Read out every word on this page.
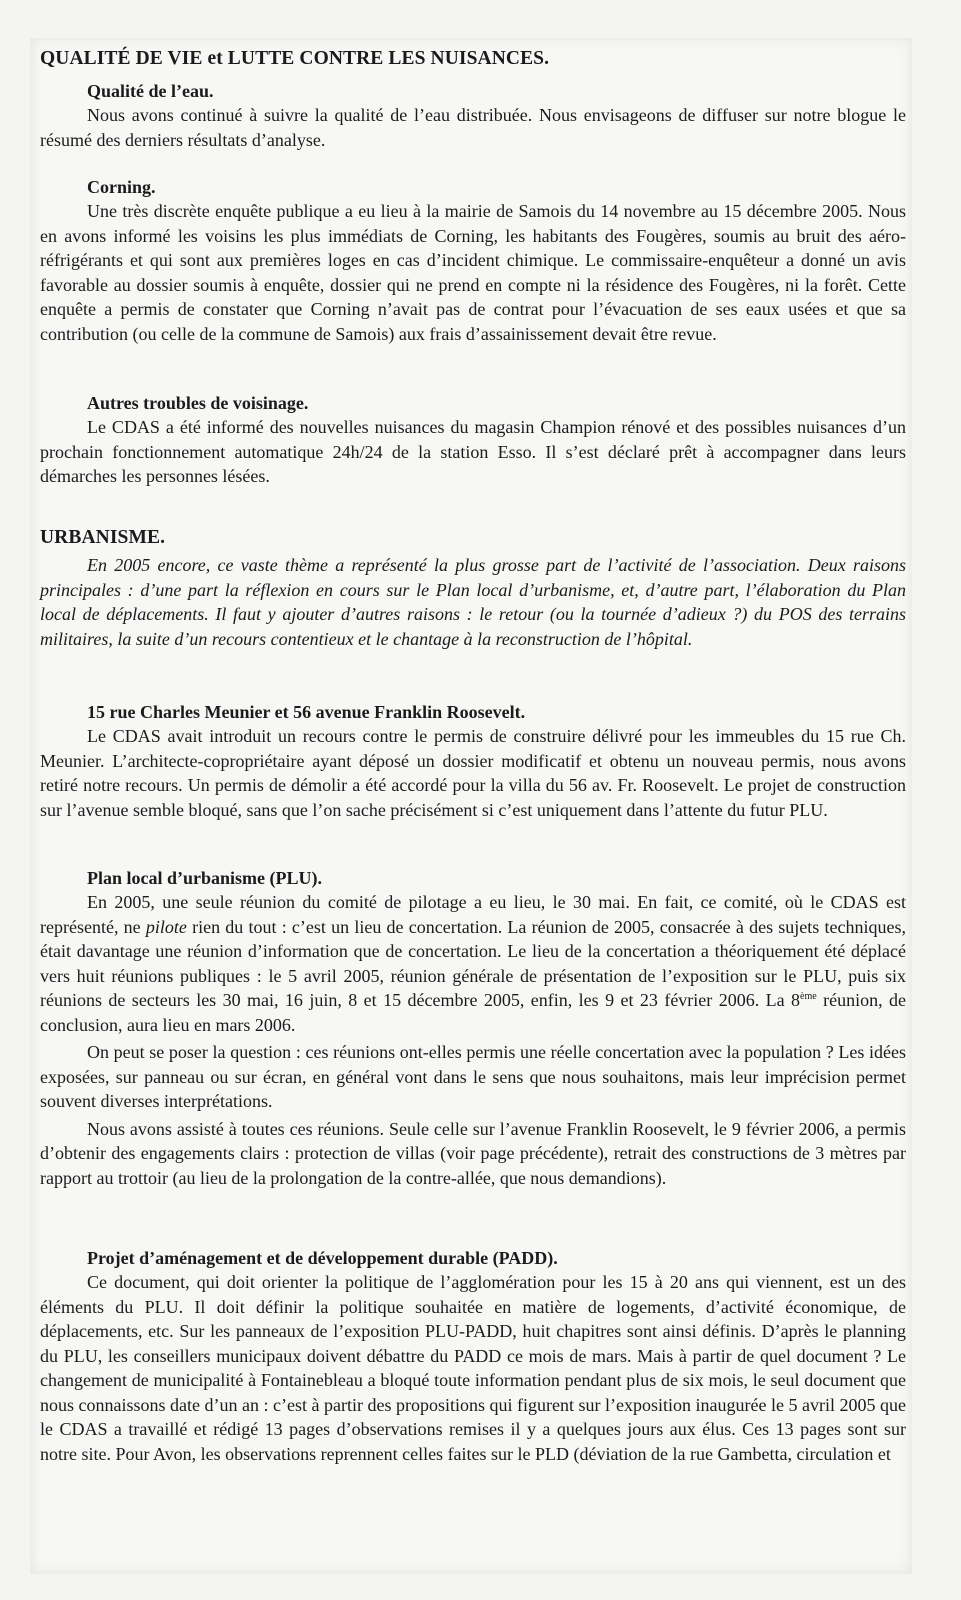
QUALITÉ DE VIE et LUTTE CONTRE LES NUISANCES.
Qualité de l’eau.

Nous avons continué à suivre la qualité de l’eau distribuée. Nous envisageons de diffuser sur notre blogue le résumé des derniers résultats d’analyse.

Corning.

Une très discrète enquête publique a eu lieu à la mairie de Samois du 14 novembre au 15 décembre 2005. Nous en avons informé les voisins les plus immédiats de Corning, les habitants des Fougères, soumis au bruit des aéro-réfrigérants et qui sont aux premières loges en cas d’incident chimique. Le commissaire-enquêteur a donné un avis favorable au dossier soumis à enquête, dossier qui ne prend en compte ni la résidence des Fougères, ni la forêt. Cette enquête a permis de constater que Corning n’avait pas de contrat pour l’évacuation de ses eaux usées et que sa contribution (ou celle de la commune de Samois) aux frais d’assainissement devait être revue.

Autres troubles de voisinage.

Le CDAS a été informé des nouvelles nuisances du magasin Champion rénové et des possibles nuisances d’un prochain fonctionnement automatique 24h/24 de la station Esso. Il s’est déclaré prêt à accompagner dans leurs démarches les personnes lésées.

URBANISME.

En 2005 encore, ce vaste thème a représenté la plus grosse part de l’activité de l’association. Deux raisons principales : d’une part la réflexion en cours sur le Plan local d’urbanisme, et, d’autre part, l’élaboration du Plan local de déplacements. Il faut y ajouter d’autres raisons : le retour (ou la tournée d’adieux ?) du POS des terrains militaires, la suite d’un recours contentieux et le chantage à la reconstruction de l’hôpital.

15 rue Charles Meunier et 56 avenue Franklin Roosevelt.

Le CDAS avait introduit un recours contre le permis de construire délivré pour les immeubles du 15 rue Ch. Meunier. L’architecte-copropriétaire ayant déposé un dossier modificatif et obtenu un nouveau permis, nous avons retiré notre recours. Un permis de démolir a été accordé pour la villa du 56 av. Fr. Roosevelt. Le projet de construction sur l’avenue semble bloqué, sans que l’on sache précisément si c’est uniquement dans l’attente du futur PLU.

Plan local d’urbanisme (PLU).

En 2005, une seule réunion du comité de pilotage a eu lieu, le 30 mai. En fait, ce comité, où le CDAS est représenté, ne pilote rien du tout : c’est un lieu de concertation. La réunion de 2005, consacrée à des sujets techniques, était davantage une réunion d’information que de concertation. Le lieu de la concertation a théoriquement été déplacé vers huit réunions publiques : le 5 avril 2005, réunion générale de présentation de l’exposition sur le PLU, puis six réunions de secteurs les 30 mai, 16 juin, 8 et 15 décembre 2005, enfin, les 9 et 23 février 2006. La 8ème réunion, de conclusion, aura lieu en mars 2006.

On peut se poser la question : ces réunions ont-elles permis une réelle concertation avec la population ? Les idées exposées, sur panneau ou sur écran, en général vont dans le sens que nous souhaitons, mais leur imprécision permet souvent diverses interprétations.

Nous avons assisté à toutes ces réunions. Seule celle sur l’avenue Franklin Roosevelt, le 9 février 2006, a permis d’obtenir des engagements clairs : protection de villas (voir page précédente), retrait des constructions de 3 mètres par rapport au trottoir (au lieu de la prolongation de la contre-allée, que nous demandions).

Projet d’aménagement et de développement durable (PADD).

Ce document, qui doit orienter la politique de l’agglomération pour les 15 à 20 ans qui viennent, est un des éléments du PLU. Il doit définir la politique souhaitée en matière de logements, d’activité économique, de déplacements, etc. Sur les panneaux de l’exposition PLU-PADD, huit chapitres sont ainsi définis. D’après le planning du PLU, les conseillers municipaux doivent débattre du PADD ce mois de mars. Mais à partir de quel document ? Le changement de municipalité à Fontainebleau a bloqué toute information pendant plus de six mois, le seul document que nous connaissons date d’un an : c’est à partir des propositions qui figurent sur l’exposition inaugurée le 5 avril 2005 que le CDAS a travaillé et rédigé 13 pages d’observations remises il y a quelques jours aux élus. Ces 13 pages sont sur notre site. Pour Avon, les observations reprennent celles faites sur le PLD (déviation de la rue Gambetta, circulation et
